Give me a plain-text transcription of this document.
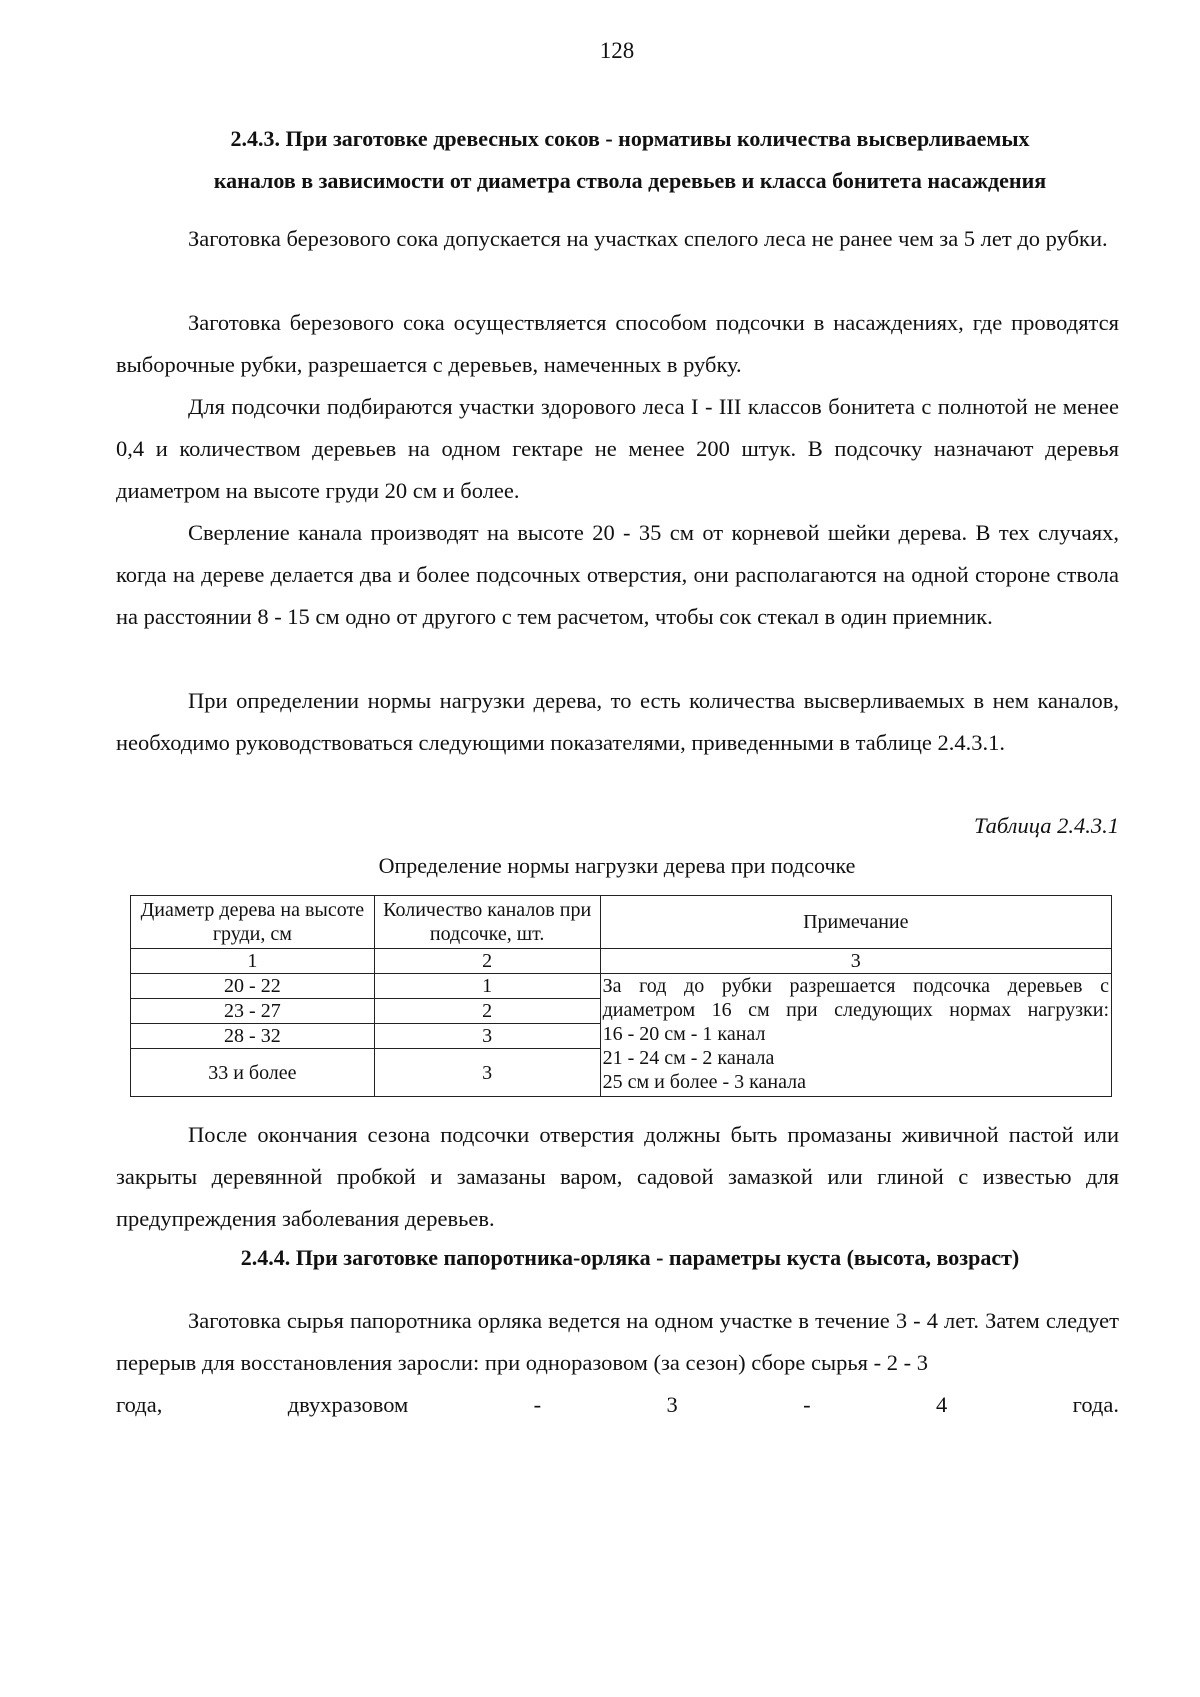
128
2.4.3. При заготовке древесных соков - нормативы количества высверливаемых
каналов в зависимости от диаметра ствола деревьев и класса бонитета насаждения

Заготовка березового сока допускается на участках спелого леса не ранее чем за 5 лет до рубки.

Заготовка березового сока осуществляется способом подсочки в насаждениях, где проводятся выборочные рубки, разрешается с деревьев, намеченных в рубку.

Для подсочки подбираются участки здорового леса I - III классов бонитета с полнотой не менее 0,4 и количеством деревьев на одном гектаре не менее 200 штук. В подсочку назначают деревья диаметром на высоте груди 20 см и более.

Сверление канала производят на высоте 20 - 35 см от корневой шейки дерева. В тех случаях, когда на дереве делается два и более подсочных отверстия, они располагаются на одной стороне ствола на расстоянии 8 - 15 см одно от другого с тем расчетом, чтобы сок стекал в один приемник.

При определении нормы нагрузки дерева, то есть количества высверливаемых в нем каналов, необходимо руководствоваться следующими показателями, приведенными в таблице 2.4.3.1.

Таблица 2.4.3.1
Определение нормы нагрузки дерева при подсочке
Диаметр дерева на высоте груди, см	Количество каналов при подсочке, шт.	Примечание
1	2	3
20 - 22	1	За год до рубки разрешается подсочка деревьев с
диаметром 16 см при следующих нормах нагрузки:
16 - 20 см - 1 канал
21 - 24 см - 2 канала
25 см и более - 3 канала

23 - 27	2	
28 - 32	3	
33 и более	3	

После окончания сезона подсочки отверстия должны быть промазаны живичной пастой или закрыты деревянной пробкой и замазаны варом, садовой замазкой или глиной с известью для предупреждения заболевания деревьев.

2.4.4. При заготовке папоротника-орляка - параметры куста (высота, возраст)

Заготовка сырья папоротника орляка ведется на одном участке в течение 3 - 4 лет. Затем следует перерыв для восстановления заросли: при одноразовом (за сезон) сборе сырья - 2 - 3
года, двухразовом - 3 - 4 года.
